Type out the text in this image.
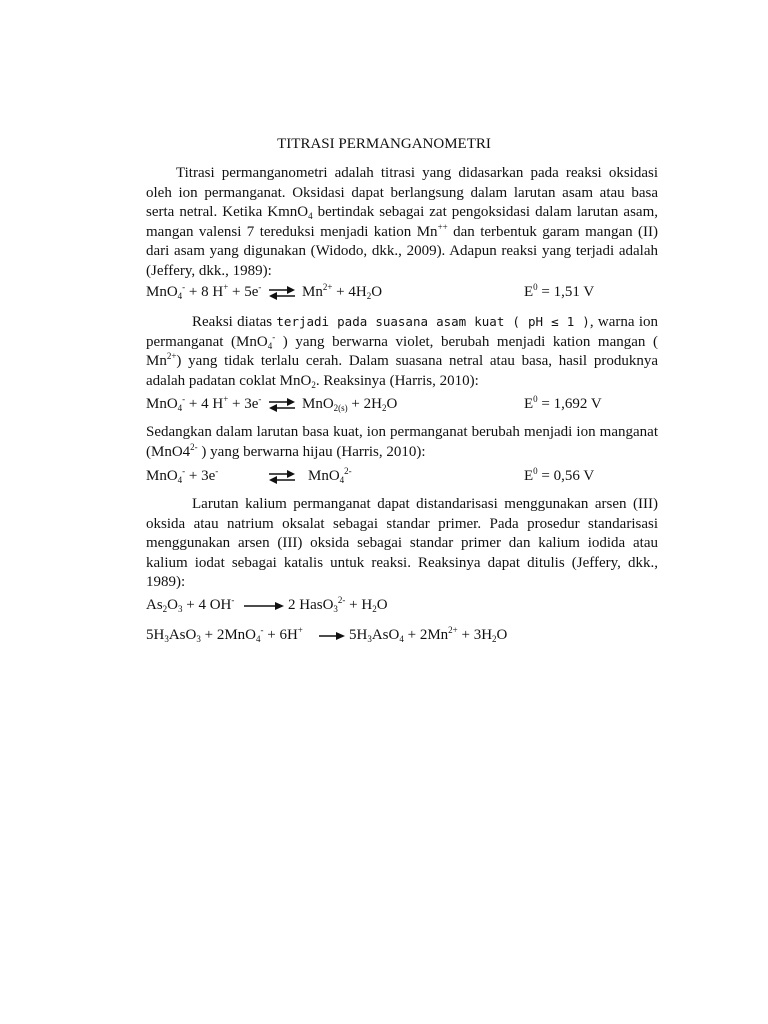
TITRASI PERMANGANOMETRI
Titrasi permanganometri adalah titrasi yang didasarkan pada reaksi oksidasi oleh ion permanganat. Oksidasi dapat berlangsung dalam larutan asam atau basa serta netral. Ketika KmnO$_4$ bertindak sebagai zat pengoksidasi dalam larutan asam, mangan valensi 7 tereduksi menjadi kation Mn++ dan terbentuk garam mangan (II) dari asam yang digunakan (Widodo, dkk., 2009). Adapun reaksi yang terjadi adalah (Jeffery, dkk., 1989):
MnO$_4$- + 8 H+ + 5e- ⇌ $Mn^{2+} + 4H_2O$	$E^0 = 1,51$ V
Reaksi diatas terjadi pada suasana asam kuat ( pH ≤ 1 ), warna ion permanganat (MnO$_4$- ) yang berwarna violet, berubah menjadi kation mangan ( $Mn^{2+}$) yang tidak terlalu cerah. Dalam suasana netral atau basa, hasil produknya adalah padatan coklat MnO$_2$. Reaksinya (Harris, 2010):
MnO$_4$- + 4 H+ + 3e- ⇌ $MnO_{2(s)} + 2H_2O$	$E^0 = 1,692$ V
Sedangkan dalam larutan basa kuat, ion permanganat berubah menjadi ion manganat ($MnO4^{2-}$ ) yang berwarna hijau (Harris, 2010):
MnO$_4$- + 3e-	⇌ MnO$_4^{2-}$	$E^0 = 0,56$ V
Larutan kalium permanganat dapat distandarisasi menggunakan arsen (III) oksida atau natrium oksalat sebagai standar primer. Pada prosedur standarisasi menggunakan arsen (III) oksida sebagai standar primer dan kalium iodida atau kalium iodat sebagai katalis untuk reaksi. Reaksinya dapat ditulis (Jeffery, dkk., 1989):
$As_2O_3 + 4$ OH- → 2 HasO$_3^{2-}$ + $H_2O$
$5H_3AsO_3 + 2MnO_4^- + 6H^+ \to 5H_3AsO_4 + 2Mn^{2+} + 3H_2O$
